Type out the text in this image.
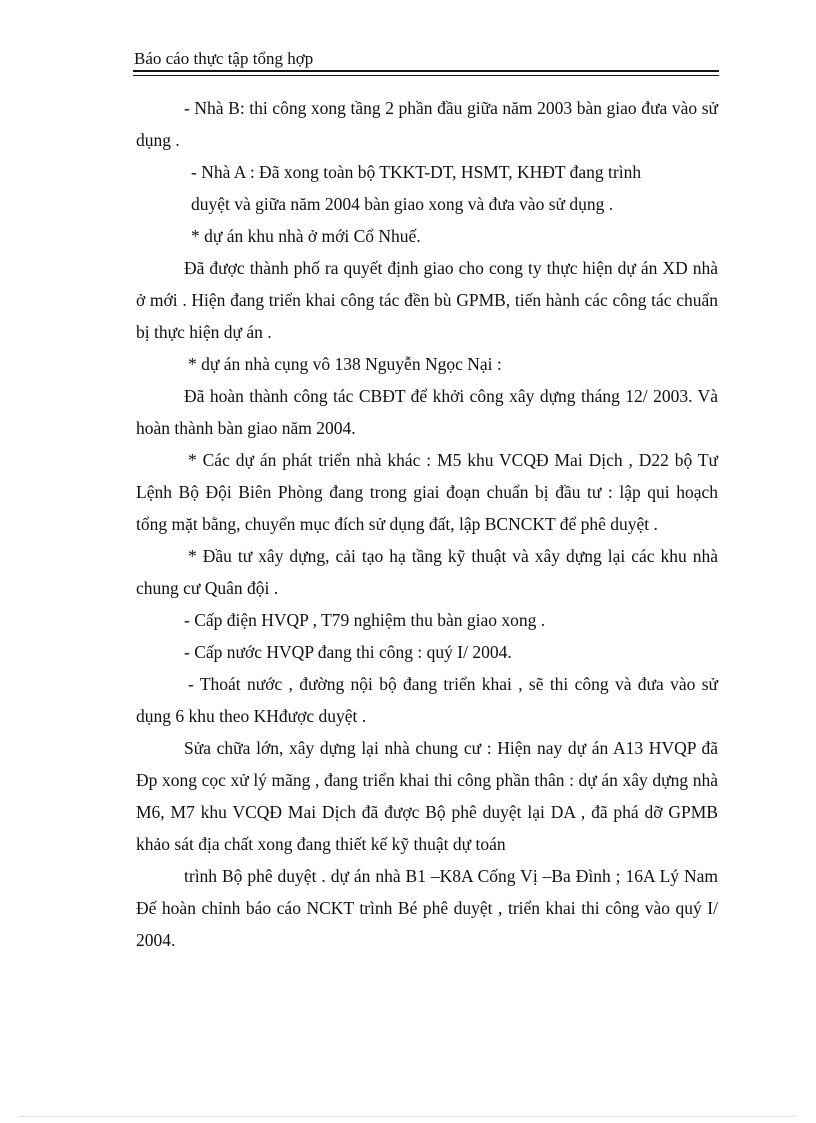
Báo cáo thực tập tổng hợp

- Nhà B: thi công xong tầng 2 phần đầu giữa năm 2003 bàn giao đưa vào sử dụng .

- Nhà A : Đã xong toàn bộ TKKT-DT, HSMT, KHĐT đang trình

duyệt và giữa năm 2004 bàn giao xong và đưa vào sử dụng .

* dự án khu nhà ở mới Cổ Nhuế.

Đã được thành phố ra quyết định giao cho cong ty thực hiện dự án XD nhà ở mới . Hiện đang triển khai công tác đền bù GPMB, tiến hành các công tác chuẩn bị thực hiện dự án .

* dự án nhà cụng vô 138 Nguyễn Ngọc Nại :

Đã hoàn thành công tác CBĐT để khởi công xây dựng tháng 12/ 2003. Và hoàn thành bàn giao năm 2004.

* Các dự án phát triển nhà khác : M5 khu VCQĐ Mai Dịch , D22 bộ Tư Lệnh Bộ Đội Biên Phòng đang trong giai đoạn chuẩn bị đầu tư : lập qui hoạch tổng mặt bằng, chuyển mục đích sử dụng đất, lập BCNCKT để phê duyệt .

* Đầu tư xây dựng, cải tạo hạ tầng kỹ thuật và xây dựng lại các khu nhà chung cư Quân đội .

- Cấp điện HVQP , T79 nghiệm thu bàn giao xong .

- Cấp nước HVQP đang thi công : quý I/ 2004.

- Thoát nước , đường nội bộ đang triển khai , sẽ thi công và đưa vào sử dụng 6 khu theo KHđược duyệt .

Sửa chữa lớn, xây dựng lại nhà chung cư : Hiện nay dự án A13 HVQP đã Đp xong cọc xử lý mãng , đang triển khai thi công phần thân : dự án xây dựng nhà M6, M7 khu VCQĐ Mai Dịch đã được Bộ phê duyệt lại DA , đã phá dỡ GPMB khảo sát địa chất xong đang thiết kế kỹ thuật dự toán

trình Bộ phê duyệt . dự án nhà B1 –K8A Cống Vị –Ba Đình ; 16A Lý Nam Đế hoàn chỉnh báo cáo NCKT trình Bé phê duyệt , triển khai thi công vào quý I/ 2004.
